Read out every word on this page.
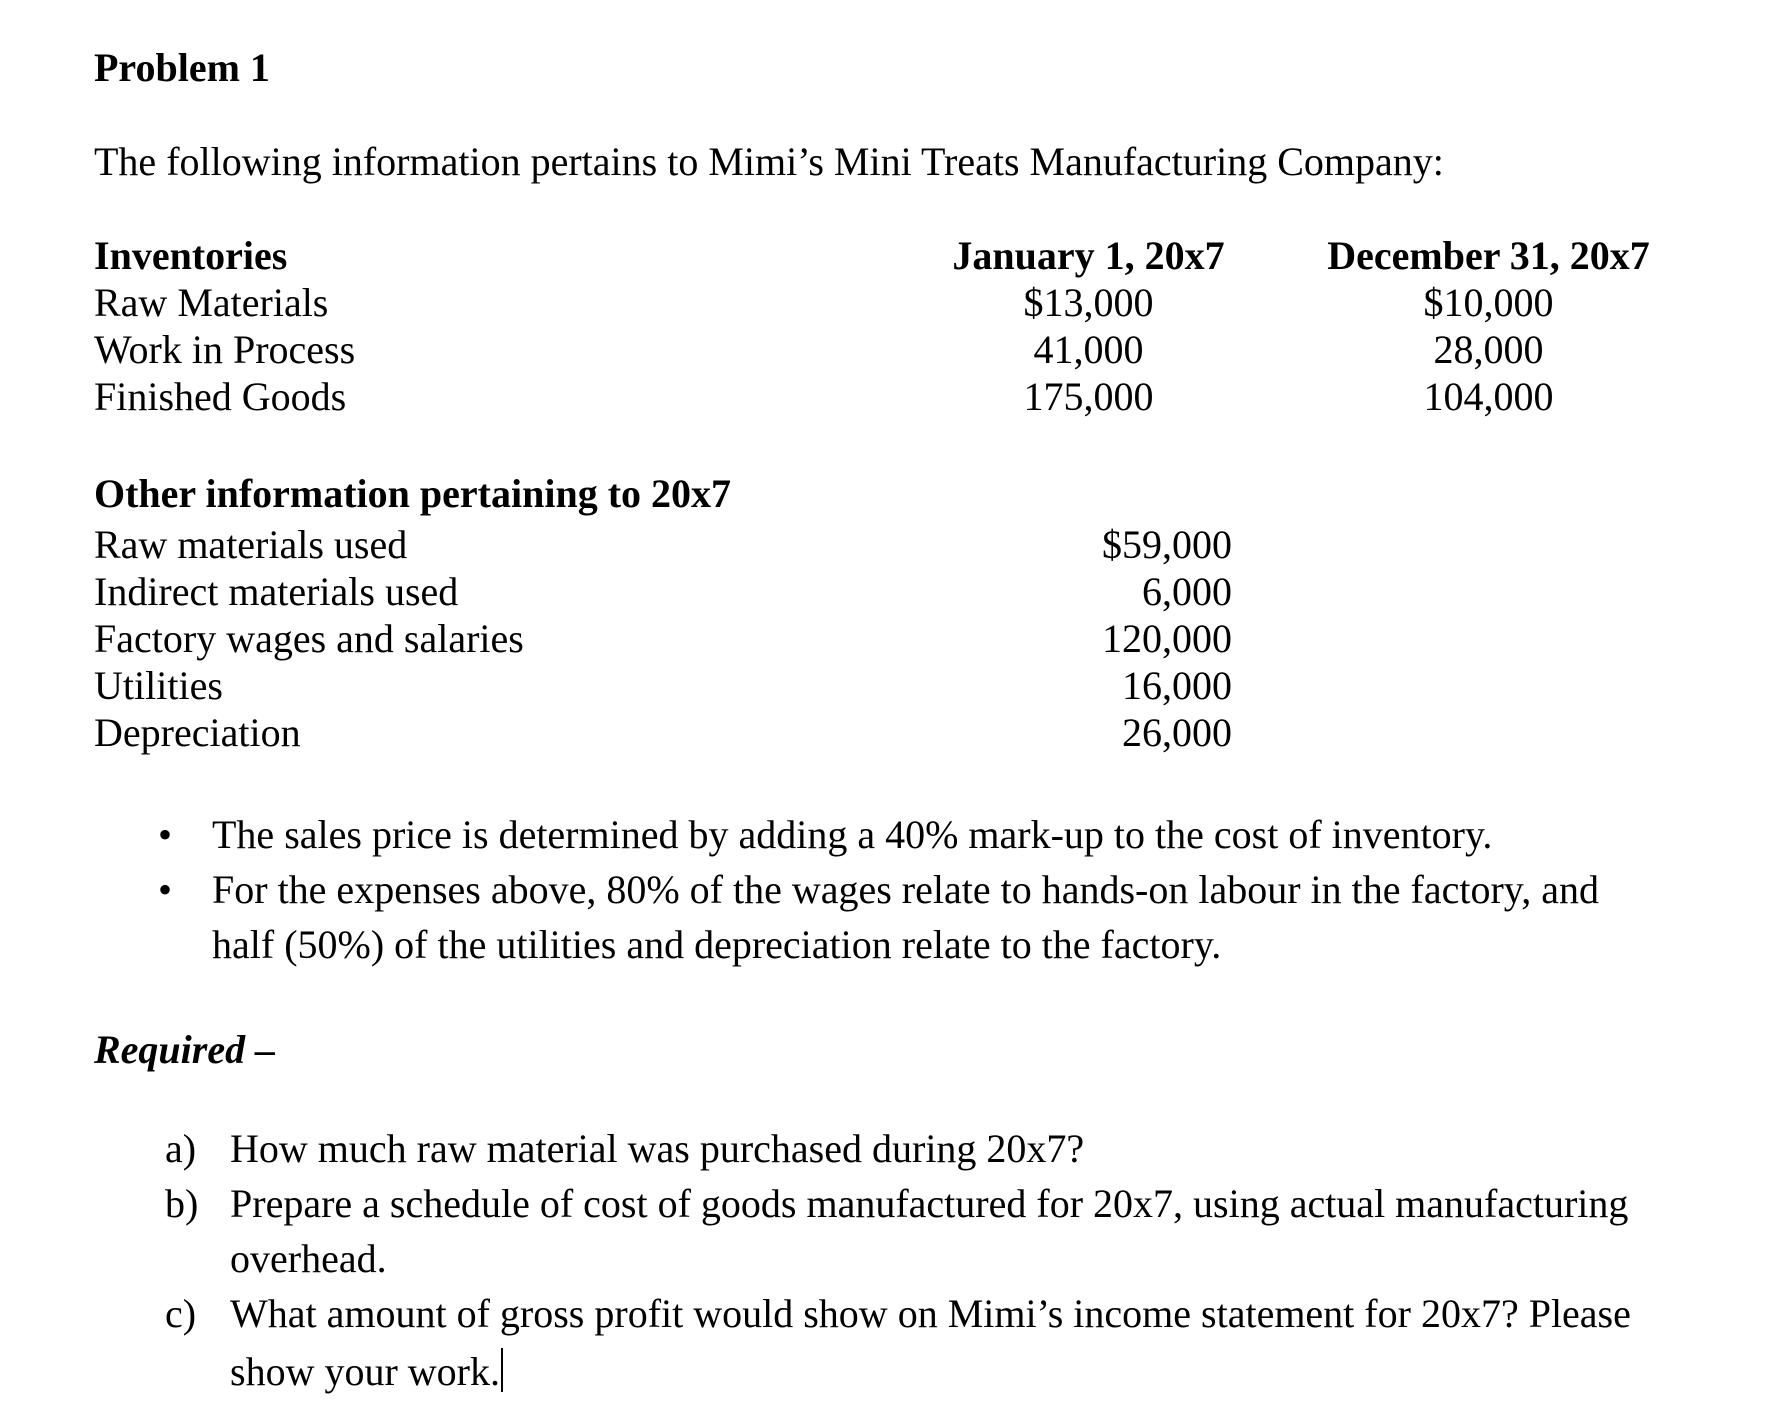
Problem 1

The following information pertains to Mimi’s Mini Treats Manufacturing Company:

Inventories	January 1, 20x7	December 31, 20x7
Raw Materials	$13,000	$10,000
Work in Process	41,000	28,000
Finished Goods	175,000	104,000
Other information pertaining to 20x7
Raw materials used	$59,000
Indirect materials used	6,000
Factory wages and salaries	120,000
Utilities	16,000
Depreciation	26,000
• The sales price is determined by adding a 40% mark-up to the cost of inventory.
• For the expenses above, 80% of the wages relate to hands-on labour in the factory, and
half (50%) of the utilities and depreciation relate to the factory.

Required –

a) How much raw material was purchased during 20x7?
b) Prepare a schedule of cost of goods manufactured for 20x7, using actual manufacturing
overhead.
c) What amount of gross profit would show on Mimi’s income statement for 20x7? Please
show your work.
